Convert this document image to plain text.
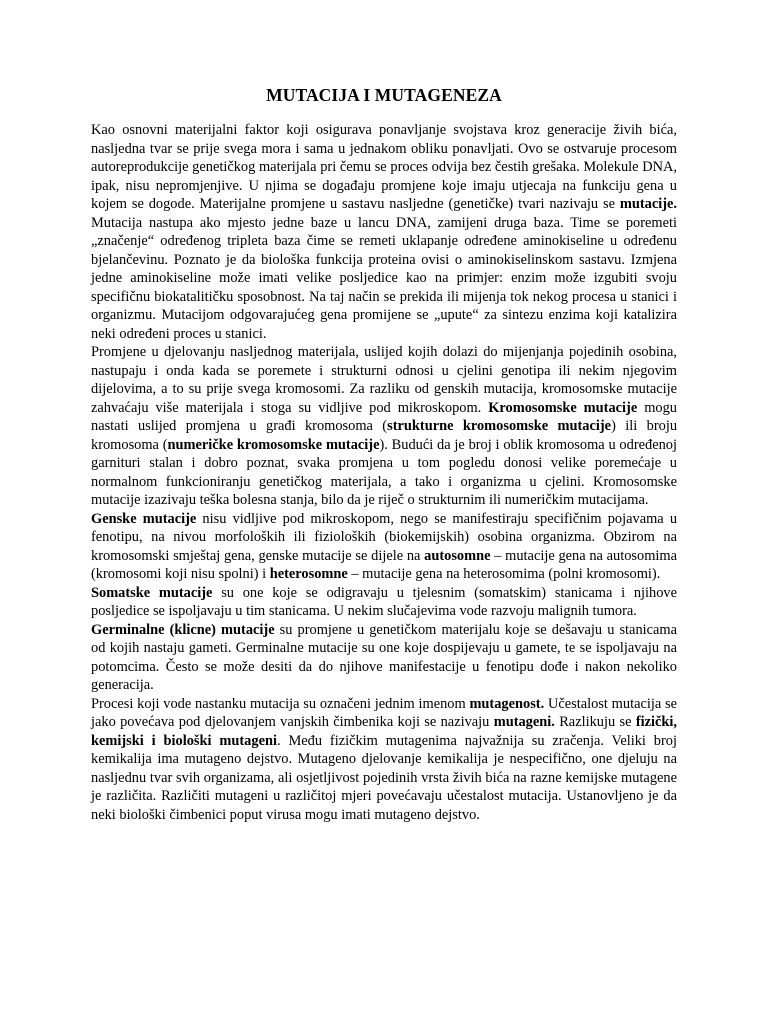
MUTACIJA I MUTAGENEZA

Kao osnovni materijalni faktor koji osigurava ponavljanje svojstava kroz generacije živih bića, nasljedna tvar se prije svega mora i sama u jednakom obliku ponavljati. Ovo se ostvaruje procesom autoreprodukcije genetičkog materijala pri čemu se proces odvija bez čestih grešaka. Molekule DNA, ipak, nisu nepromjenjive. U njima se događaju promjene koje imaju utjecaja na funkciju gena u kojem se dogode. Materijalne promjene u sastavu nasljedne (genetičke) tvari nazivaju se mutacije. Mutacija nastupa ako mjesto jedne baze u lancu DNA, zamijeni druga baza. Time se poremeti „značenje“ određenog tripleta baza čime se remeti uklapanje određene aminokiseline u određenu bjelančevinu. Poznato je da biološka funkcija proteina ovisi o aminokiselinskom sastavu. Izmjena jedne aminokiseline može imati velike posljedice kao na primjer: enzim može izgubiti svoju specifičnu biokatalitičku sposobnost. Na taj način se prekida ili mijenja tok nekog procesa u stanici i organizmu. Mutacijom odgovarajućeg gena promijene se „upute“ za sintezu enzima koji katalizira neki određeni proces u stanici.

Promjene u djelovanju nasljednog materijala, uslijed kojih dolazi do mijenjanja pojedinih osobina, nastupaju i onda kada se poremete i strukturni odnosi u cjelini genotipa ili nekim njegovim dijelovima, a to su prije svega kromosomi. Za razliku od genskih mutacija, kromosomske mutacije zahvaćaju više materijala i stoga su vidljive pod mikroskopom. Kromosomske mutacije mogu nastati uslijed promjena u građi kromosoma (strukturne kromosomske mutacije) ili broju kromosoma (numeričke kromosomske mutacije). Budući da je broj i oblik kromosoma u određenoj garnituri stalan i dobro poznat, svaka promjena u tom pogledu donosi velike poremećaje u normalnom funkcioniranju genetičkog materijala, a tako i organizma u cjelini. Kromosomske mutacije izazivaju teška bolesna stanja, bilo da je riječ o strukturnim ili numeričkim mutacijama.

Genske mutacije nisu vidljive pod mikroskopom, nego se manifestiraju specifičnim pojavama u fenotipu, na nivou morfoloških ili fizioloških (biokemijskih) osobina organizma. Obzirom na kromosomski smještaj gena, genske mutacije se dijele na autosomne – mutacije gena na autosomima (kromosomi koji nisu spolni) i heterosomne – mutacije gena na heterosomima (polni kromosomi).

Somatske mutacije su one koje se odigravaju u tjelesnim (somatskim) stanicama i njihove posljedice se ispoljavaju u tim stanicama. U nekim slučajevima vode razvoju malignih tumora.

Germinalne (klicne) mutacije su promjene u genetičkom materijalu koje se dešavaju u stanicama od kojih nastaju gameti. Germinalne mutacije su one koje dospijevaju u gamete, te se ispoljavaju na potomcima. Često se može desiti da do njihove manifestacije u fenotipu dođe i nakon nekoliko generacija.

Procesi koji vode nastanku mutacija su označeni jednim imenom mutagenost. Učestalost mutacija se jako povećava pod djelovanjem vanjskih čimbenika koji se nazivaju mutageni. Razlikuju se fizički, kemijski i biološki mutageni. Među fizičkim mutagenima najvažnija su zračenja. Veliki broj kemikalija ima mutageno dejstvo. Mutageno djelovanje kemikalija je nespecifično, one djeluju na nasljednu tvar svih organizama, ali osjetljivost pojedinih vrsta živih bića na razne kemijske mutagene je različita. Različiti mutageni u različitoj mjeri povećavaju učestalost mutacija. Ustanovljeno je da neki biološki čimbenici poput virusa mogu imati mutageno dejstvo.
